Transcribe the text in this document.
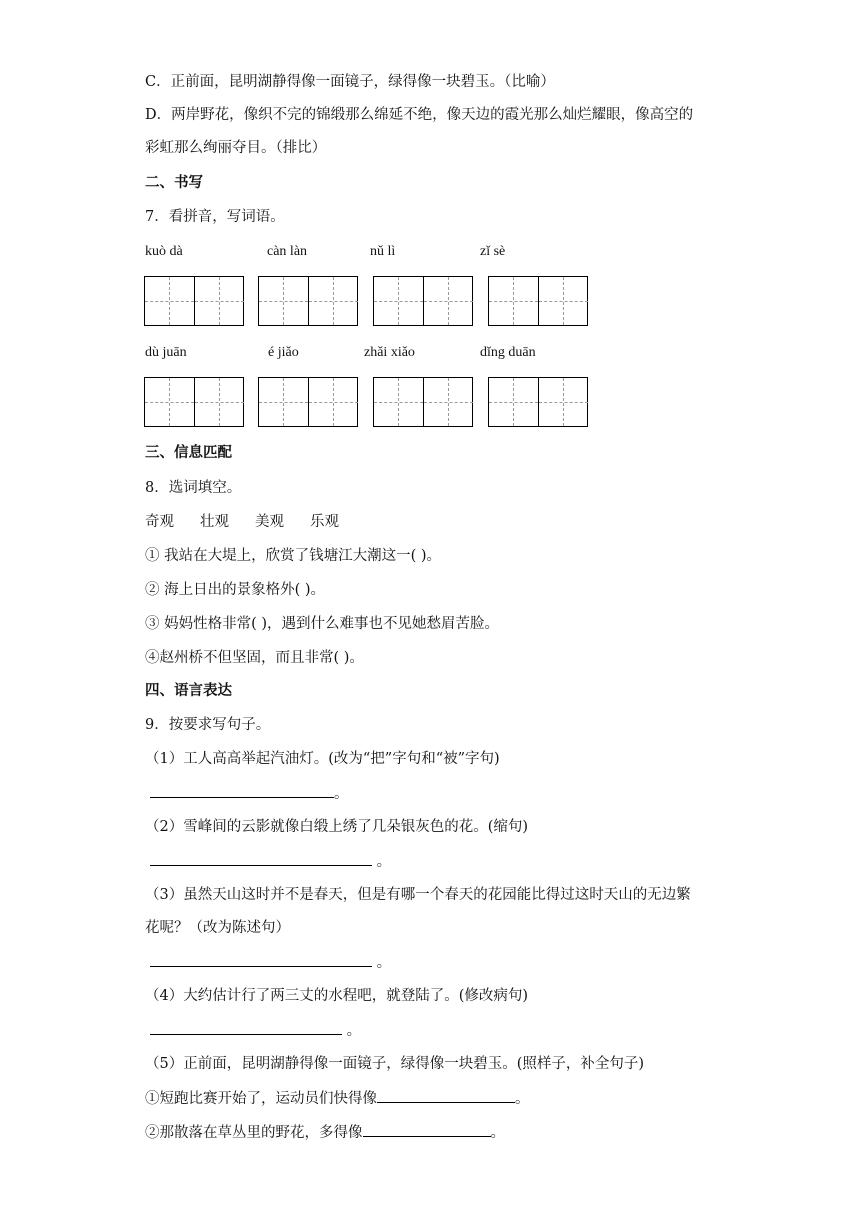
C．正前面，昆明湖静得像一面镜子，绿得像一块碧玉。（比喻）
D．两岸野花，像织不完的锦缎那么绵延不绝，像天边的霞光那么灿烂耀眼，像高空的
彩虹那么绚丽夺目。（排比）
二、书写
7．看拼音，写词语。
kuò dà	càn làn	nǔ lì	zǐ sè
dù juān	é jiǎo	zhǎi xiǎo	dǐng duān
三、信息匹配
8．选词填空。
奇观 壮观 美观 乐观
① 我站在大堤上，欣赏了钱塘江大潮这一( )。
② 海上日出的景象格外( )。
③ 妈妈性格非常( )，遇到什么难事也不见她愁眉苦脸。
④赵州桥不但坚固，而且非常( )。
四、语言表达
9．按要求写句子。
（1）工人高高举起汽油灯。(改为“把”字句和“被”字句)
。
（2）雪峰间的云影就像白缎上绣了几朵银灰色的花。(缩句)
。
（3）虽然天山这时并不是春天，但是有哪一个春天的花园能比得过这时天山的无边繁
花呢？（改为陈述句）
。
（4）大约估计行了两三丈的水程吧，就登陆了。(修改病句)
。
（5）正前面，昆明湖静得像一面镜子，绿得像一块碧玉。(照样子，补全句子)
①短跑比赛开始了，运动员们快得像	。
②那散落在草丛里的野花，多得像	。
